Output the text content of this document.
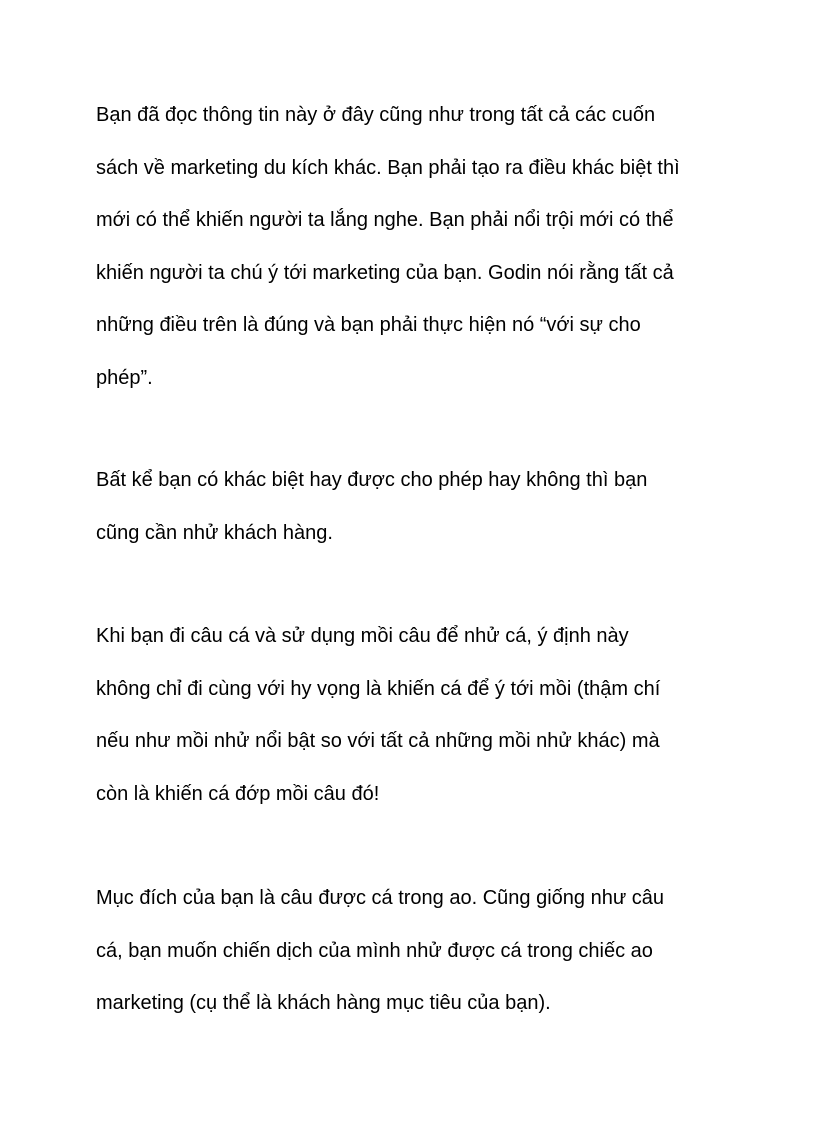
Bạn đã đọc thông tin này ở đây cũng như trong tất cả các cuốn
sách về marketing du kích khác. Bạn phải tạo ra điều khác biệt thì
mới có thể khiến người ta lắng nghe. Bạn phải nổi trội mới có thể
khiến người ta chú ý tới marketing của bạn. Godin nói rằng tất cả
những điều trên là đúng và bạn phải thực hiện nó “với sự cho
phép”.

Bất kể bạn có khác biệt hay được cho phép hay không thì bạn
cũng cần nhử khách hàng.

Khi bạn đi câu cá và sử dụng mồi câu để nhử cá, ý định này
không chỉ đi cùng với hy vọng là khiến cá để ý tới mồi (thậm chí
nếu như mồi nhử nổi bật so với tất cả những mồi nhử khác) mà
còn là khiến cá đớp mồi câu đó!

Mục đích của bạn là câu được cá trong ao. Cũng giống như câu
cá, bạn muốn chiến dịch của mình nhử được cá trong chiếc ao
marketing (cụ thể là khách hàng mục tiêu của bạn).
